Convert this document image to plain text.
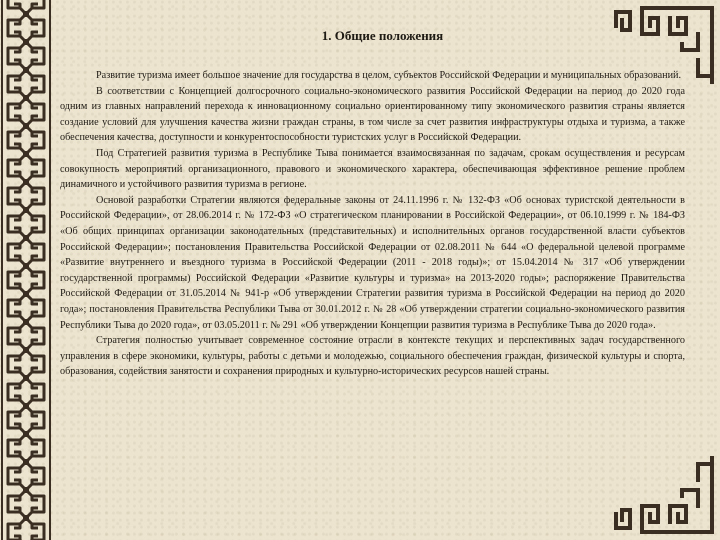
1. Общие положения

Развитие туризма имеет большое значение для государства в целом, субъектов Российской Федерации и муниципальных образований.

В соответствии с Концепцией долгосрочного социально-экономического развития Российской Федерации на период до 2020 года одним из главных направлений перехода к инновационному социально ориентированному типу экономического развития страны является создание условий для улучшения качества жизни граждан страны, в том числе за счет развития инфраструктуры отдыха и туризма, а также обеспечения качества, доступности и конкурентоспособности туристских услуг в Российской Федерации.

Под Стратегией развития туризма в Республике Тыва понимается взаимосвязанная по задачам, срокам осуществления и ресурсам совокупность мероприятий организационного, правового и экономического характера, обеспечивающая эффективное решение проблем динамичного и устойчивого развития туризма в регионе.

Основой разработки Стратегии являются федеральные законы от 24.11.1996 г. № 132-ФЗ «Об основах туристской деятельности в Российской Федерации», от 28.06.2014 г. № 172-ФЗ «О стратегическом планировании в Российской Федерации», от 06.10.1999 г. № 184-ФЗ «Об общих принципах организации законодательных (представительных) и исполнительных органов государственной власти субъектов Российской Федерации»; постановления Правительства Российской Федерации от 02.08.2011 № 644 «О федеральной целевой программе «Развитие внутреннего и въездного туризма в Российской Федерации (2011 - 2018 годы)»; от 15.04.2014 № 317 «Об утверждении государственной программы) Российской Федерации «Развитие культуры и туризма» на 2013-2020 годы»; распоряжение Правительства Российской Федерации от 31.05.2014 № 941-р «Об утверждении Стратегии развития туризма в Российской Федерации на период до 2020 года»; постановления Правительства Республики Тыва от 30.01.2012 г. № 28 «Об утверждении стратегии социально-экономического развития Республики Тыва до 2020 года», от 03.05.2011 г. № 291 «Об утверждении Концепции развития туризма в Республике Тыва до 2020 года».

Стратегия полностью учитывает современное состояние отрасли в контексте текущих и перспективных задач государственного управления в сфере экономики, культуры, работы с детьми и молодежью, социального обеспечения граждан, физической культуры и спорта, образования, содействия занятости и сохранения природных и культурно-исторических ресурсов нашей страны.
